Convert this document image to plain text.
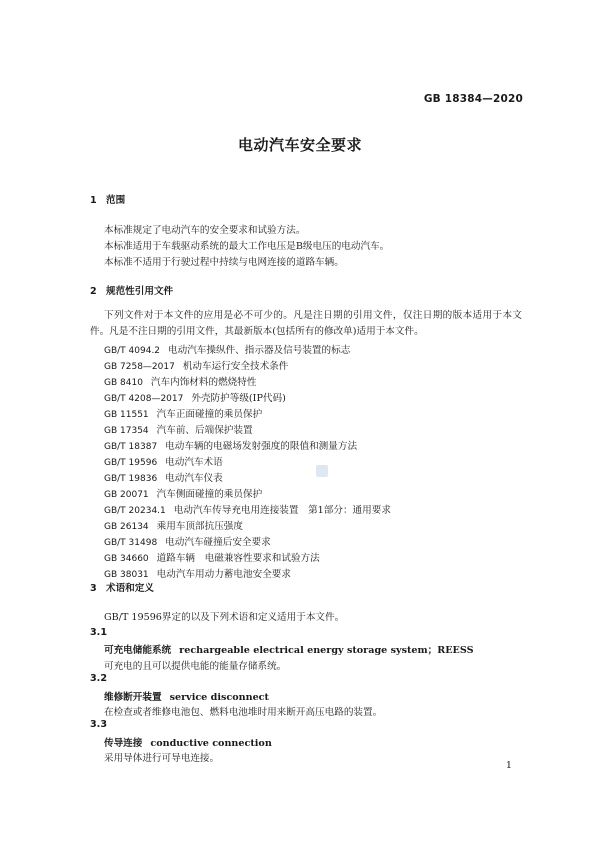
GB 18384—2020
电动汽车安全要求
1 范围
本标准规定了电动汽车的安全要求和试验方法。
本标准适用于车载驱动系统的最大工作电压是B级电压的电动汽车。
本标准不适用于行驶过程中持续与电网连接的道路车辆。
2 规范性引用文件
下列文件对于本文件的应用是必不可少的。凡是注日期的引用文件，仅注日期的版本适用于本文件。凡是不注日期的引用文件，其最新版本(包括所有的修改单)适用于本文件。
GB/T 4094.2 电动汽车操纵件、指示器及信号装置的标志
GB 7258—2017 机动车运行安全技术条件
GB 8410 汽车内饰材料的燃烧特性
GB/T 4208—2017 外壳防护等级(IP代码)
GB 11551 汽车正面碰撞的乘员保护
GB 17354 汽车前、后端保护装置
GB/T 18387 电动车辆的电磁场发射强度的限值和测量方法
GB/T 19596 电动汽车术语
GB/T 19836 电动汽车仪表
GB 20071 汽车侧面碰撞的乘员保护
GB/T 20234.1 电动汽车传导充电用连接装置　第1部分：通用要求
GB 26134 乘用车顶部抗压强度
GB/T 31498 电动汽车碰撞后安全要求
GB 34660 道路车辆　电磁兼容性要求和试验方法
GB 38031 电动汽车用动力蓄电池安全要求
3 术语和定义
GB/T 19596界定的以及下列术语和定义适用于本文件。
3.1
可充电储能系统 rechargeable electrical energy storage system；REESS
可充电的且可以提供电能的能量存储系统。
3.2
维修断开装置 service disconnect
在检查或者维修电池包、燃料电池堆时用来断开高压电路的装置。
3.3
传导连接 conductive connection
采用导体进行可导电连接。
1
